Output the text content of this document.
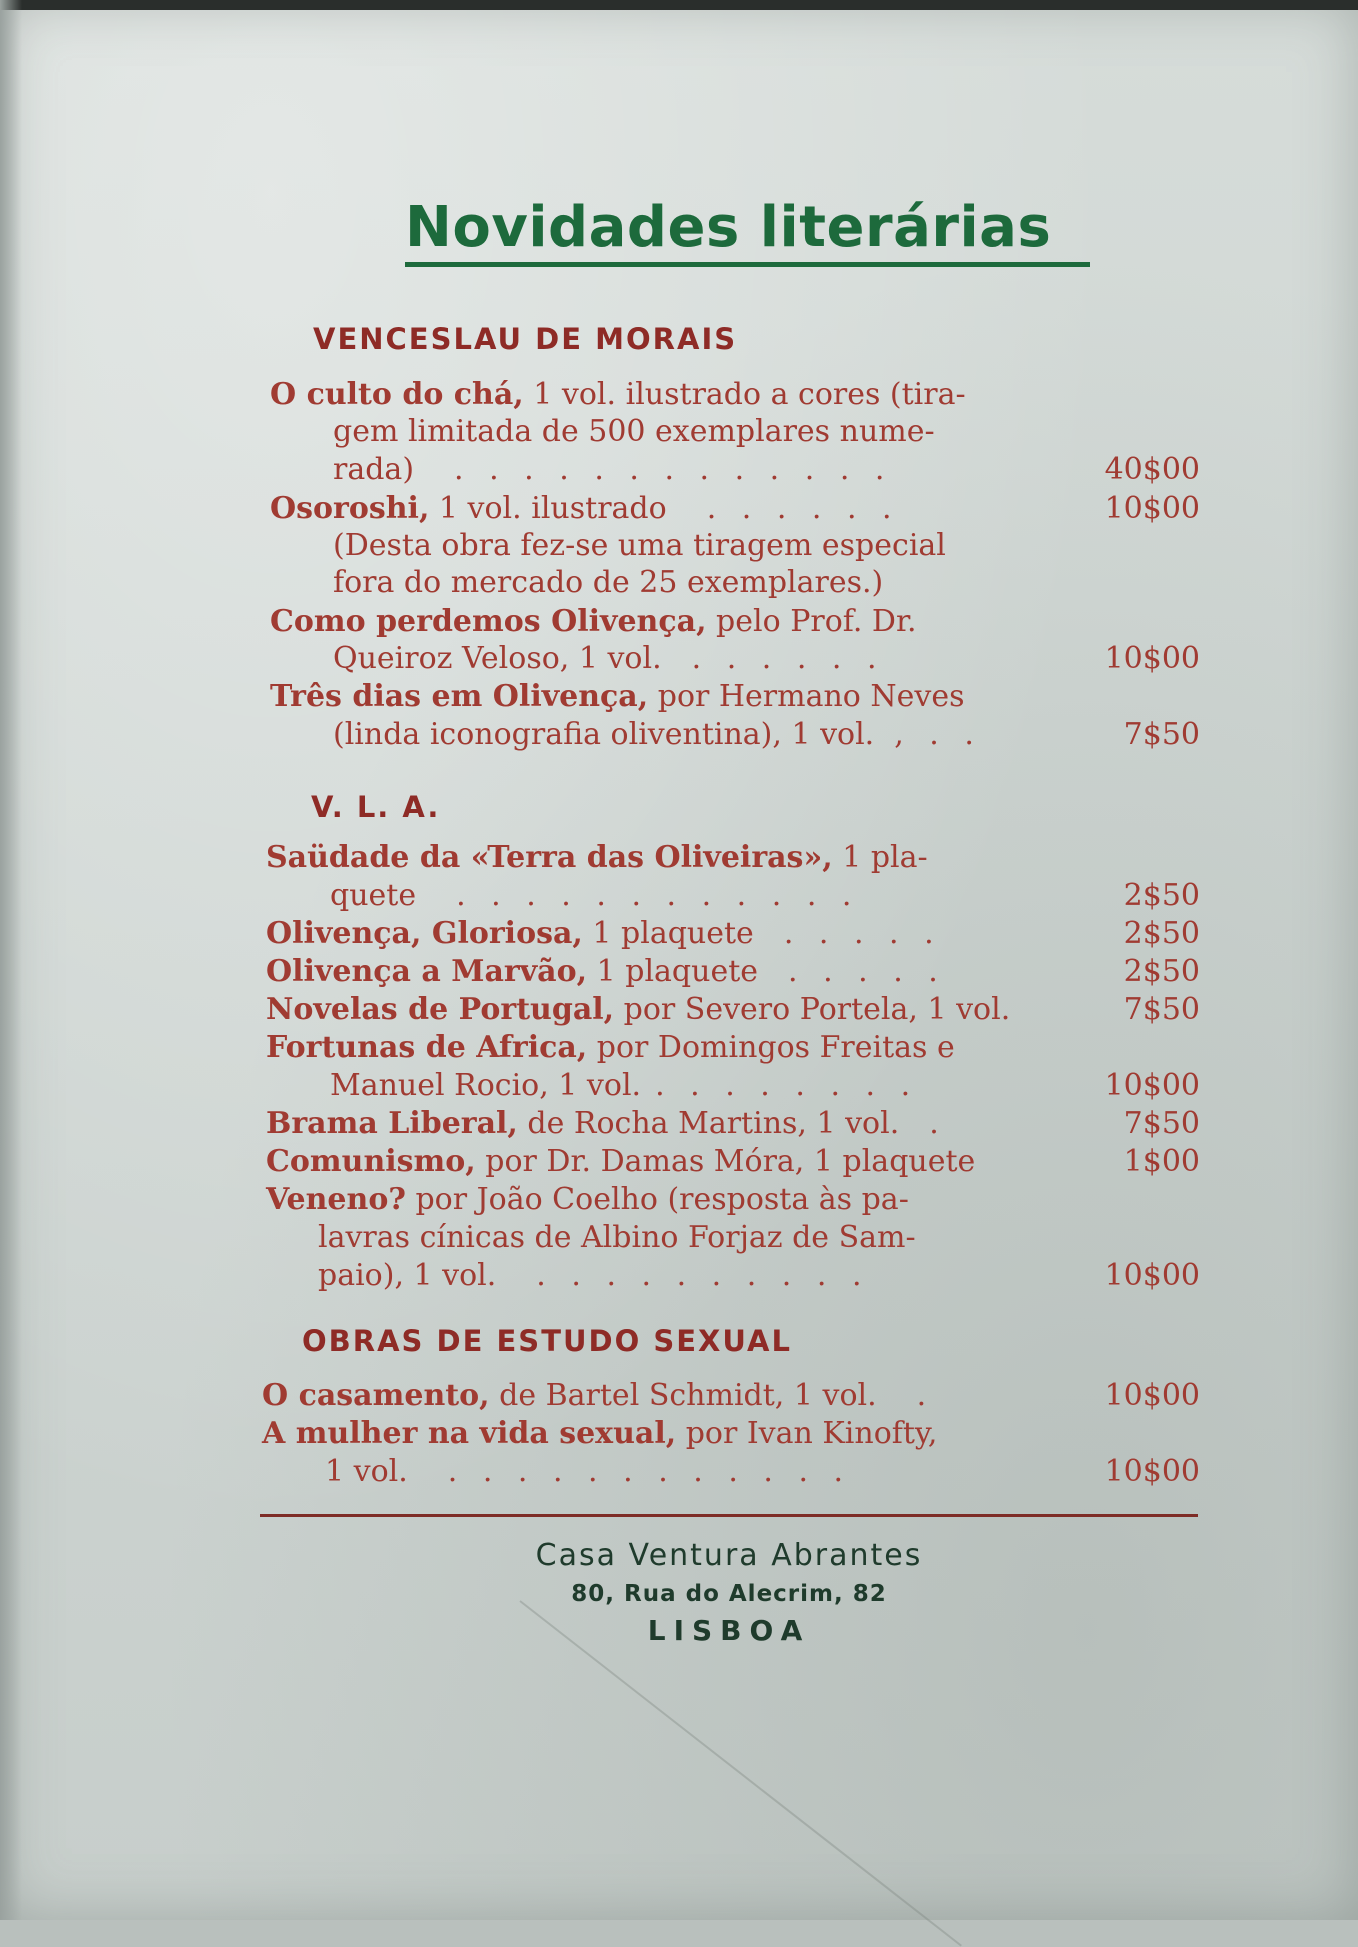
Novidades literárias
VENCESLAU DE MORAIS
O culto do chá, 1 vol. ilustrado a cores (tira-
gem limitada de 500 exemplares nume-
rada) . . . . . . . . . . . . .	40$00
Osoroshi, 1 vol. ilustrado . . . . . .	10$00
(Desta obra fez-se uma tiragem especial
fora do mercado de 25 exemplares.)
Como perdemos Olivença, pelo Prof. Dr.
Queiroz Veloso, 1 vol. . . . . . .	10$00
Três dias em Olivença, por Hermano Neves
(linda iconografia oliventina), 1 vol. , . .	7$50
V. L. A.
Saüdade da «Terra das Oliveiras», 1 pla-
quete . . . . . . . . . . . .	2$50
Olivença, Gloriosa, 1 plaquete . . . . .	2$50
Olivença a Marvão, 1 plaquete . . . . .	2$50
Novelas de Portugal, por Severo Portela, 1 vol.	7$50
Fortunas de Africa, por Domingos Freitas e
Manuel Rocio, 1 vol. . . . . . . . .	10$00
Brama Liberal, de Rocha Martins, 1 vol. .	7$50
Comunismo, por Dr. Damas Móra, 1 plaquete	1$00
Veneno? por João Coelho (resposta às pa-
lavras cínicas de Albino Forjaz de Sam-
paio), 1 vol. . . . . . . . . . .	10$00
OBRAS DE ESTUDO SEXUAL
O casamento, de Bartel Schmidt, 1 vol. .	10$00
A mulher na vida sexual, por Ivan Kinofty,
1 vol. . . . . . . . . . . . .	10$00
Casa Ventura Abrantes
80, Rua do Alecrim, 82
LISBOA
